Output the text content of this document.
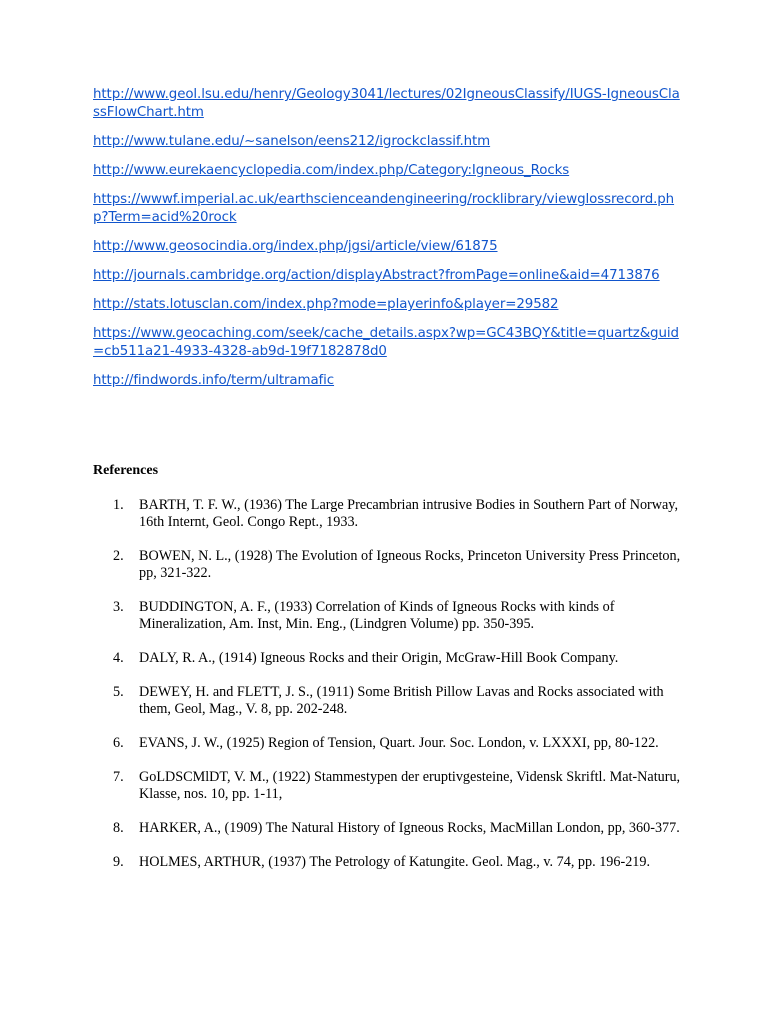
http://www.geol.lsu.edu/henry/Geology3041/lectures/02IgneousClassify/IUGS-IgneousClassFlowChart.htm
http://www.tulane.edu/~sanelson/eens212/igrockclassif.htm
http://www.eurekaencyclopedia.com/index.php/Category:Igneous_Rocks
https://wwwf.imperial.ac.uk/earthscienceandengineering/rocklibrary/viewglossrecord.php?Term=acid%20rock
http://www.geosocindia.org/index.php/jgsi/article/view/61875
http://journals.cambridge.org/action/displayAbstract?fromPage=online&aid=4713876
http://stats.lotusclan.com/index.php?mode=playerinfo&player=29582
https://www.geocaching.com/seek/cache_details.aspx?wp=GC43BQY&title=quartz&guid=cb511a21-4933-4328-ab9d-19f7182878d0
http://findwords.info/term/ultramafic
References
1. BARTH, T. F. W., (1936) The Large Precambrian intrusive Bodies in Southern Part of Norway, 16th Internt, Geol. Congo Rept., 1933.
2. BOWEN, N. L., (1928) The Evolution of Igneous Rocks, Princeton University Press Princeton, pp, 321-322.
3. BUDDINGTON, A. F., (1933) Correlation of Kinds of Igneous Rocks with kinds of Mineralization, Am. Inst, Min. Eng., (Lindgren Volume) pp. 350-395.
4. DALY, R. A., (1914) Igneous Rocks and their Origin, McGraw-Hill Book Company.
5. DEWEY, H. and FLETT, J. S., (1911) Some British Pillow Lavas and Rocks associated with them, Geol, Mag., V. 8, pp. 202-248.
6. EVANS, J. W., (1925) Region of Tension, Quart. Jour. Soc. London, v. LXXXI, pp, 80-122.
7. GoLDSCMlDT, V. M., (1922) Stammestypen der eruptivgesteine, Vidensk Skriftl. Mat-Naturu, Klasse, nos. 10, pp. 1-11,
8. HARKER, A., (1909) The Natural History of Igneous Rocks, MacMillan London, pp, 360-377.
9. HOLMES, ARTHUR, (1937) The Petrology of Katungite. Geol. Mag., v. 74, pp. 196-219.
